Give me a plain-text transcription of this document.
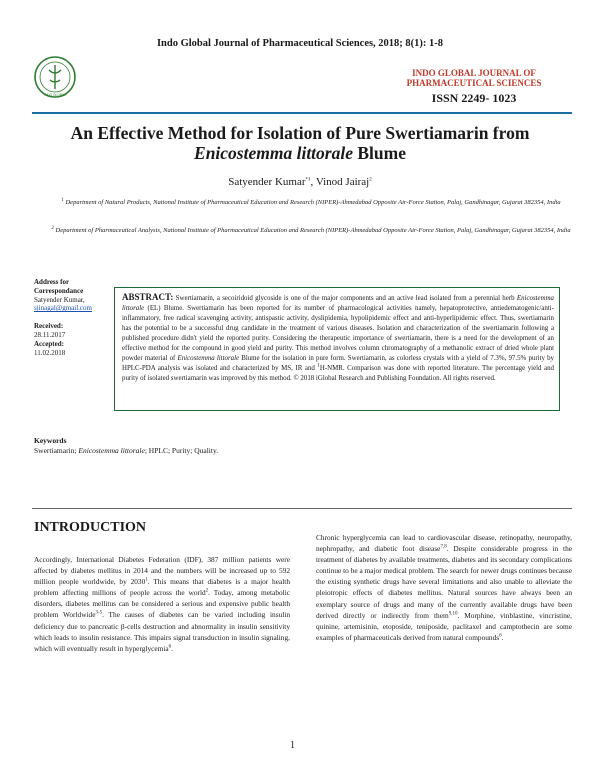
Indo Global Journal of Pharmaceutical Sciences, 2018; 8(1): 1-8
INDO GLOBAL
INDO GLOBAL JOURNAL OF PHARMACEUTICAL SCIENCES
ISSN 2249- 1023
An Effective Method for Isolation of Pure Swertiamarin from
Enicostemma littorale Blume
Satyender Kumar$^{*1}$, Vinod Jairaj$^2$
$^1$ Department of Natural Products, National Institute of Pharmaceutical Education and Research (NIPER)-Ahmedabad Opposite Air-Force Station, Palaj, Gandhinagar, Gujarat 382354, India
$^2$ Department of Pharmaceutical Analysis, National Institute of Pharmaceutical Education and Research (NIPER)-Ahmedabad Opposite Air-Force Station, Palaj, Gandhinagar, Gujarat 382354, India
Address for Correspondance
Satyender Kumar,
sjinagal@gmail.com
Received:
28.11.2017
Accepted:
11.02.2018
ABSTRACT: Swertiamarin, a secoiridoid glycoside is one of the major components and an active lead isolated from a perennial herb Enicostemma littorale (EL) Blume. Swertiamarin has been reported for its number of pharmacological activities namely, hepatoprotective, antiedematogenic/anti-inflammatory, free radical scavenging activity, antispastic activity, dyslipidemia, hypolipidemic effect and anti-hyperlipidemic effect. Thus, swertiamarin has the potential to be a successful drug candidate in the treatment of various diseases. Isolation and characterization of the swertiamarin following a published procedure didn't yield the reported purity. Considering the therapeutic importance of swertiamarin, there is a need for the development of an effective method for the compound in good yield and purity. This method involves column chromatography of a methanolic extract of dried whole plant powder material of Enicostemma littorale Blume for the isolation in pure form. Swertiamarin, as colorless crystals with a yield of 7.3%, 97.5% purity by HPLC-PDA analysis was isolated and characterized by MS, IR and $^1$H-NMR. Comparison was done with reported literature. The percentage yield and purity of isolated swertiamarin was improved by this method. © 2018 iGlobal Research and Publishing Foundation. All rights reserved.
Keywords
Swertiamarin; Enicostemma littorale; HPLC; Purity; Quality.
INTRODUCTION
Accordingly, International Diabetes Federation (IDF), 387 million patients were affected by diabetes mellitus in 2014 and the numbers will be increased up to 592 million people worldwide, by 2030$^1$. This means that diabetes is a major health problem affecting millions of people across the world$^2$. Today, among metabolic disorders, diabetes mellitus can be considered a serious and expensive public health problem Worldwide$^{3-5}$. The causes of diabetes can be varied including insulin deficiency due to pancreatic β-cells destruction and abnormality in insulin sensitivity which leads to insulin resistance. This impairs signal transduction in insulin signaling, which will eventually result in hyperglycemia$^6$.
Chronic hyperglycemia can lead to cardiovascular disease, retinopathy, neuropathy, nephropathy, and diabetic foot disease$^{7,8}$. Despite considerable progress in the treatment of diabetes by available treatments, diabetes and its secondary complications continue to be a major medical problem. The search for newer drugs continues because the existing synthetic drugs have several limitations and also unable to alleviate the pleiotropic effects of diabetes mellitus. Natural sources have always been an exemplary source of drugs and many of the currently available drugs have been derived directly or indirectly from them$^{9,10}$. Morphine, vinblastine, vincristine, quinine, artemisinin, etoposide, teniposide, paclitaxel and camptothecin are some examples of pharmaceuticals derived from natural compounds$^6$.
1
